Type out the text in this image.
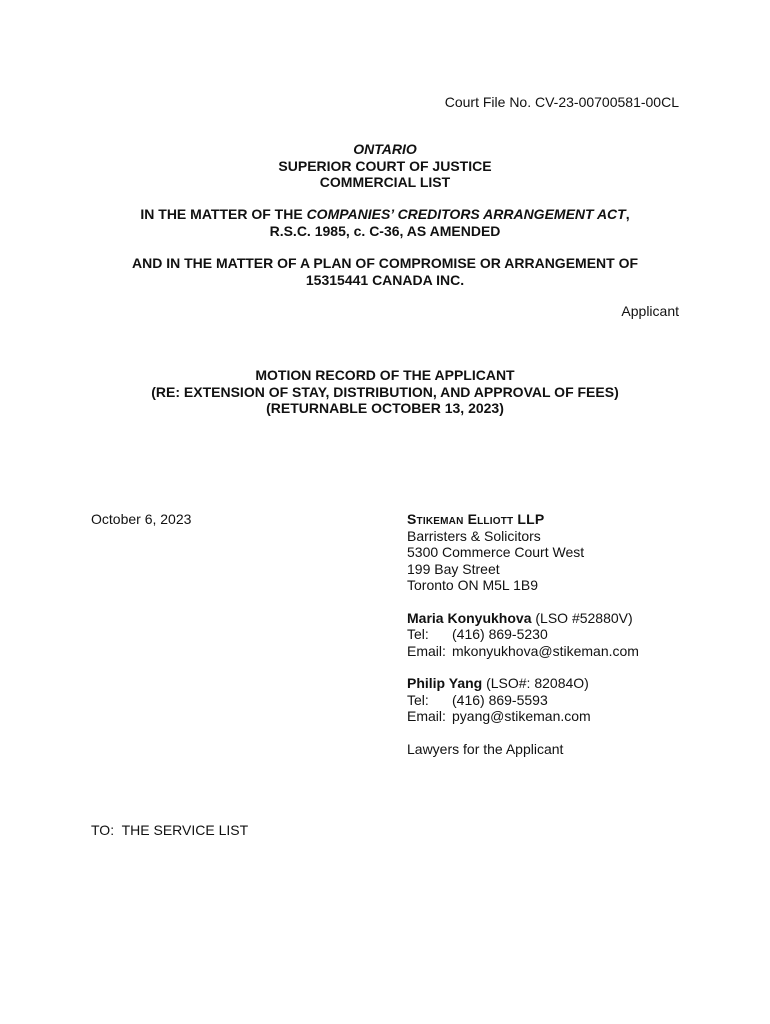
Court File No. CV-23-00700581-00CL
ONTARIO
SUPERIOR COURT OF JUSTICE
COMMERCIAL LIST
IN THE MATTER OF THE COMPANIES’ CREDITORS ARRANGEMENT ACT,
R.S.C. 1985, c. C-36, AS AMENDED
AND IN THE MATTER OF A PLAN OF COMPROMISE OR ARRANGEMENT OF
15315441 CANADA INC.
Applicant
MOTION RECORD OF THE APPLICANT
(RE: EXTENSION OF STAY, DISTRIBUTION, AND APPROVAL OF FEES)
(RETURNABLE OCTOBER 13, 2023)
October 6, 2023	Stikeman Elliott LLP
Barristers & Solicitors
5300 Commerce Court West
199 Bay Street
Toronto ON M5L 1B9
Maria Konyukhova (LSO #52880V)
Tel: (416) 869-5230
Email: mkonyukhova@stikeman.com
Philip Yang (LSO#: 82084O)
Tel: (416) 869-5593
Email: pyang@stikeman.com
Lawyers for the Applicant
TO:  THE SERVICE LIST
